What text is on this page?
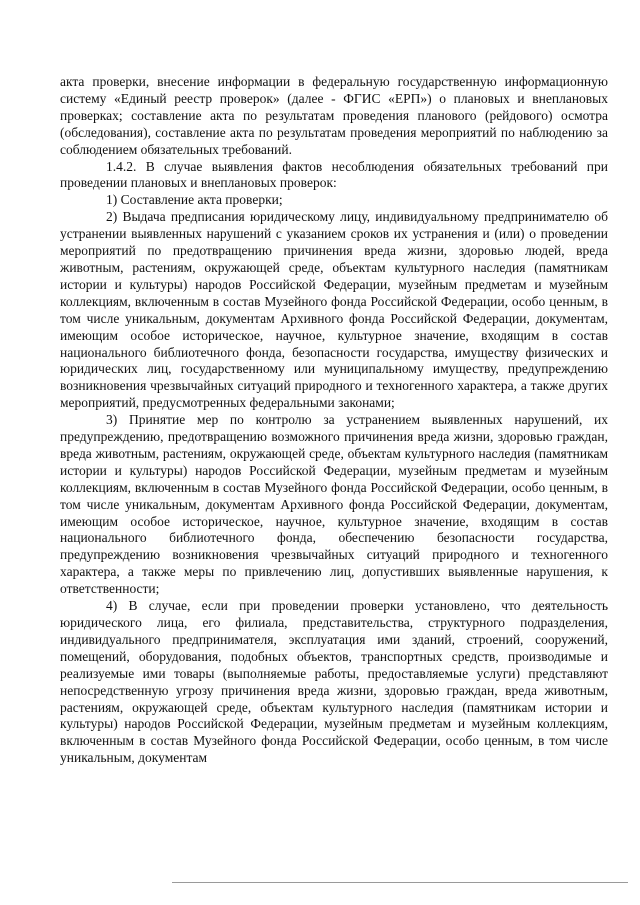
акта проверки, внесение информации в федеральную государственную информационную систему «Единый реестр проверок» (далее - ФГИС «ЕРП») о плановых и внеплановых проверках; составление акта по результатам проведения планового (рейдового) осмотра (обследования), составление акта по результатам проведения мероприятий по наблюдению за соблюдением обязательных требований.

1.4.2. В случае выявления фактов несоблюдения обязательных требований при проведении плановых и внеплановых проверок:

1) Составление акта проверки;

2) Выдача предписания юридическому лицу, индивидуальному предпринимателю об устранении выявленных нарушений с указанием сроков их устранения и (или) о проведении мероприятий по предотвращению причинения вреда жизни, здоровью людей, вреда животным, растениям, окружающей среде, объектам культурного наследия (памятникам истории и культуры) народов Российской Федерации, музейным предметам и музейным коллекциям, включенным в состав Музейного фонда Российской Федерации, особо ценным, в том числе уникальным, документам Архивного фонда Российской Федерации, документам, имеющим особое историческое, научное, культурное значение, входящим в состав национального библиотечного фонда, безопасности государства, имуществу физических и юридических лиц, государственному или муниципальному имуществу, предупреждению возникновения чрезвычайных ситуаций природного и техногенного характера, а также других мероприятий, предусмотренных федеральными законами;

3) Принятие мер по контролю за устранением выявленных нарушений, их предупреждению, предотвращению возможного причинения вреда жизни, здоровью граждан, вреда животным, растениям, окружающей среде, объектам культурного наследия (памятникам истории и культуры) народов Российской Федерации, музейным предметам и музейным коллекциям, включенным в состав Музейного фонда Российской Федерации, особо ценным, в том числе уникальным, документам Архивного фонда Российской Федерации, документам, имеющим особое историческое, научное, культурное значение, входящим в состав национального библиотечного фонда, обеспечению безопасности государства, предупреждению возникновения чрезвычайных ситуаций природного и техногенного характера, а также меры по привлечению лиц, допустивших выявленные нарушения, к ответственности;

4) В случае, если при проведении проверки установлено, что деятельность юридического лица, его филиала, представительства, структурного подразделения, индивидуального предпринимателя, эксплуатация ими зданий, строений, сооружений, помещений, оборудования, подобных объектов, транспортных средств, производимые и реализуемые ими товары (выполняемые работы, предоставляемые услуги) представляют непосредственную угрозу причинения вреда жизни, здоровью граждан, вреда животным, растениям, окружающей среде, объектам культурного наследия (памятникам истории и культуры) народов Российской Федерации, музейным предметам и музейным коллекциям, включенным в состав Музейного фонда Российской Федерации, особо ценным, в том числе уникальным, документам
